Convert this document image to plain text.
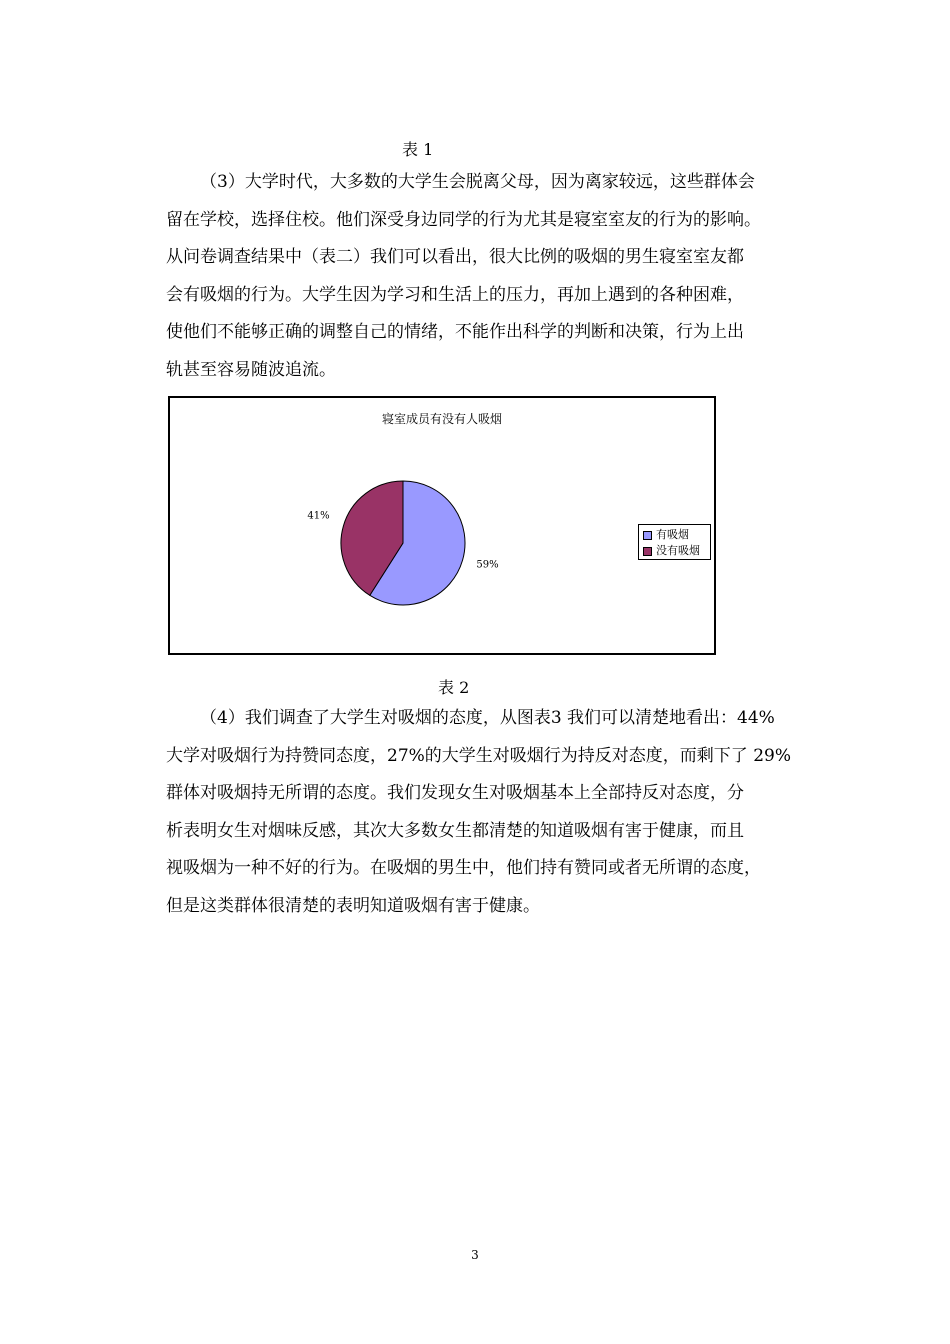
表 1
（3）大学时代，大多数的大学生会脱离父母，因为离家较远，这些群体会
留在学校，选择住校。他们深受身边同学的行为尤其是寝室室友的行为的影响。
从问卷调查结果中（表二）我们可以看出，很大比例的吸烟的男生寝室室友都
会有吸烟的行为。大学生因为学习和生活上的压力，再加上遇到的各种困难，
使他们不能够正确的调整自己的情绪，不能作出科学的判断和决策，行为上出
轨甚至容易随波追流。
寝室成员有没有人吸烟
59%
41%
有吸烟
没有吸烟
表 2
（4）我们调查了大学生对吸烟的态度，从图表3 我们可以清楚地看出：44%
大学对吸烟行为持赞同态度，27%的大学生对吸烟行为持反对态度，而剩下了 29%
群体对吸烟持无所谓的态度。我们发现女生对吸烟基本上全部持反对态度，分
析表明女生对烟味反感，其次大多数女生都清楚的知道吸烟有害于健康，而且
视吸烟为一种不好的行为。在吸烟的男生中，他们持有赞同或者无所谓的态度，
但是这类群体很清楚的表明知道吸烟有害于健康。
3
